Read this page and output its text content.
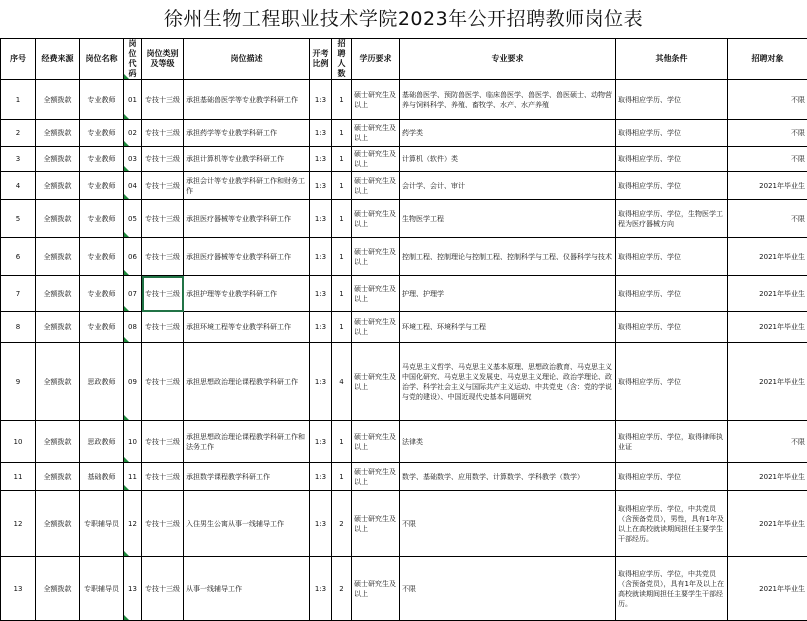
徐州生物工程职业技术学院2023年公开招聘教师岗位表
序号	经费来源	岗位名称	岗位代码	岗位类别及等级	岗位描述	开考比例	招聘人数	学历要求	专业要求	其他条件	招聘对象
1	全额拨款	专业教师	01	专技十三级	承担基础兽医学等专业教学科研工作	1:3	1	硕士研究生及以上	基础兽医学、预防兽医学、临床兽医学、兽医学、兽医硕士、动物营养与饲料科学、养殖、畜牧学、水产、水产养殖	取得相应学历、学位	不限
2	全额拨款	专业教师	02	专技十三级	承担药学等专业教学科研工作	1:3	1	硕士研究生及以上	药学类	取得相应学历、学位	不限
3	全额拨款	专业教师	03	专技十三级	承担计算机等专业教学科研工作	1:3	1	硕士研究生及以上	计算机（软件）类	取得相应学历、学位	不限
4	全额拨款	专业教师	04	专技十三级	承担会计等专业教学科研工作和财务工作	1:3	1	硕士研究生及以上	会计学、会计、审计	取得相应学历、学位	2021年毕业生
5	全额拨款	专业教师	05	专技十三级	承担医疗器械等专业教学科研工作	1:3	1	硕士研究生及以上	生物医学工程	取得相应学历、学位，生物医学工程为医疗器械方向	不限
6	全额拨款	专业教师	06	专技十三级	承担医疗器械等专业教学科研工作	1:3	1	硕士研究生及以上	控制工程、控制理论与控制工程、控制科学与工程、仪器科学与技术	取得相应学历、学位	2021年毕业生
7	全额拨款	专业教师	07	专技十三级	承担护理等专业教学科研工作	1:3	1	硕士研究生及以上	护理、护理学	取得相应学历、学位	2021年毕业生
8	全额拨款	专业教师	08	专技十三级	承担环境工程等专业教学科研工作	1:3	1	硕士研究生及以上	环境工程、环境科学与工程	取得相应学历、学位	2021年毕业生
9	全额拨款	思政教师	09	专技十三级	承担思想政治理论课程教学科研工作	1:3	4	硕士研究生及以上	马克思主义哲学、马克思主义基本原理、思想政治教育、马克思主义中国化研究、马克思主义发展史、马克思主义理论、政治学理论、政治学、科学社会主义与国际共产主义运动、中共党史（含：党的学说与党的建设）、中国近现代史基本问题研究	取得相应学历、学位	2021年毕业生
10	全额拨款	思政教师	10	专技十三级	承担思想政治理论课程教学科研工作和法务工作	1:3	1	硕士研究生及以上	法律类	取得相应学历、学位，取得律师执业证	不限
11	全额拨款	基础教师	11	专技十三级	承担数学课程教学科研工作	1:3	1	硕士研究生及以上	数学、基础数学、应用数学、计算数学、学科教学（数学）	取得相应学历、学位	2021年毕业生
12	全额拨款	专职辅导员	12	专技十三级	入住男生公寓从事一线辅导工作	1:3	2	硕士研究生及以上	不限	取得相应学历、学位，中共党员（含预备党员），男性，具有1年及以上在高校就读期间担任主要学生干部经历。	2021年毕业生
13	全额拨款	专职辅导员	13	专技十三级	从事一线辅导工作	1:3	2	硕士研究生及以上	不限	取得相应学历、学位，中共党员（含预备党员），具有1年及以上在高校就读期间担任主要学生干部经历。	2021年毕业生
